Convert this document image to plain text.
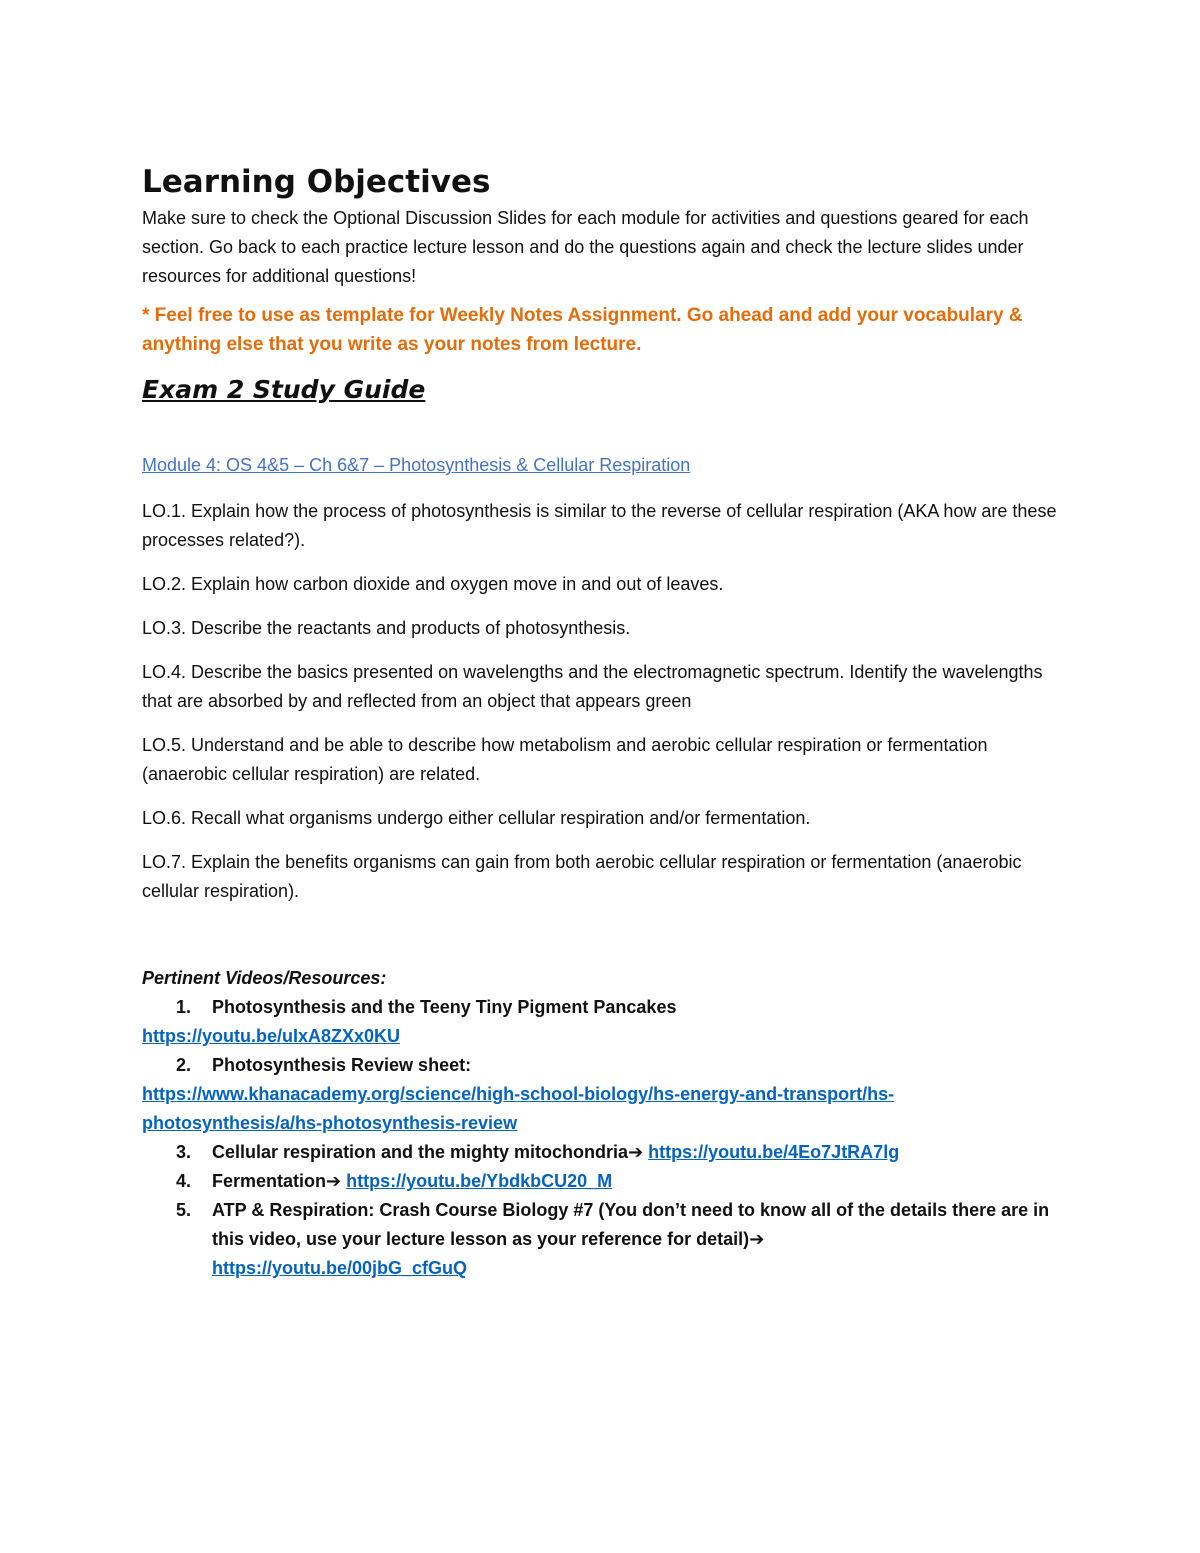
Learning Objectives

Make sure to check the Optional Discussion Slides for each module for activities and questions geared for each section. Go back to each practice lecture lesson and do the questions again and check the lecture slides under resources for additional questions!

* Feel free to use as template for Weekly Notes Assignment. Go ahead and add your vocabulary & anything else that you write as your notes from lecture.

Exam 2 Study Guide

Module 4: OS 4&5 – Ch 6&7 – Photosynthesis & Cellular Respiration

LO.1. Explain how the process of photosynthesis is similar to the reverse of cellular respiration (AKA how are these processes related?).

LO.2. Explain how carbon dioxide and oxygen move in and out of leaves.

LO.3. Describe the reactants and products of photosynthesis.

LO.4. Describe the basics presented on wavelengths and the electromagnetic spectrum. Identify the wavelengths that are absorbed by and reflected from an object that appears green

LO.5. Understand and be able to describe how metabolism and aerobic cellular respiration or fermentation (anaerobic cellular respiration) are related.

LO.6. Recall what organisms undergo either cellular respiration and/or fermentation.

LO.7. Explain the benefits organisms can gain from both aerobic cellular respiration or fermentation (anaerobic cellular respiration).

Pertinent Videos/Resources:

1. Photosynthesis and the Teeny Tiny Pigment Pancakes
https://youtu.be/uIxA8ZXx0KU
2. Photosynthesis Review sheet:
https://www.khanacademy.org/science/high-school-biology/hs-energy-and-transport/hs-photosynthesis/a/hs-photosynthesis-review
3. Cellular respiration and the mighty mitochondria➔ https://youtu.be/4Eo7JtRA7lg
4. Fermentation➔ https://youtu.be/YbdkbCU20_M
5. ATP & Respiration: Crash Course Biology #7 (You don’t need to know all of the details there are in this video, use your lecture lesson as your reference for detail)➔
https://youtu.be/00jbG_cfGuQ
